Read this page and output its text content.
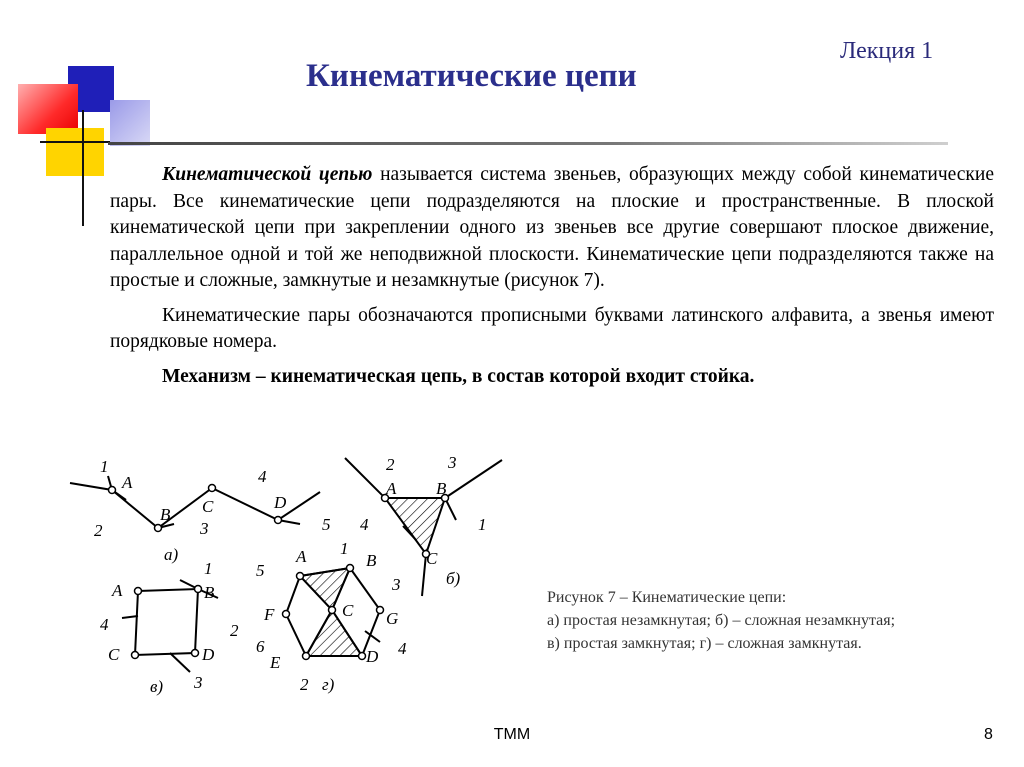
Лекция 1
Кинематические цепи

Кинематической цепью называется система звеньев, образующих между собой кинематические пары. Все кинематические цепи подразделяются на плоские и пространственные. В плоской кинематической цепи при закреплении одного из звеньев все другие совершают плоское движение, параллельное одной и той же неподвижной плоскости. Кинематические цепи подразделяются также на простые и сложные, замкнутые и незамкнутые (рисунок 7).

Кинематические пары обозначаются прописными буквами латинского алфавита, а звенья имеют порядковые номера.

Механизм – кинематическая цепь, в состав которой входит стойка.

1
A
2
B C
3
4
D
5
а)
2	3
A B
1
4
C
б)
A
1
B
4	2
C	D
3
в)
A 1
B
5
3
C
F	G
6	4
E	D
2 г)
Рисунок 7 – Кинематические цепи:
а) простая незамкнутая; б) – сложная незамкнутая;
в) простая замкнутая; г) – сложная замкнутая.
ТММ	8
